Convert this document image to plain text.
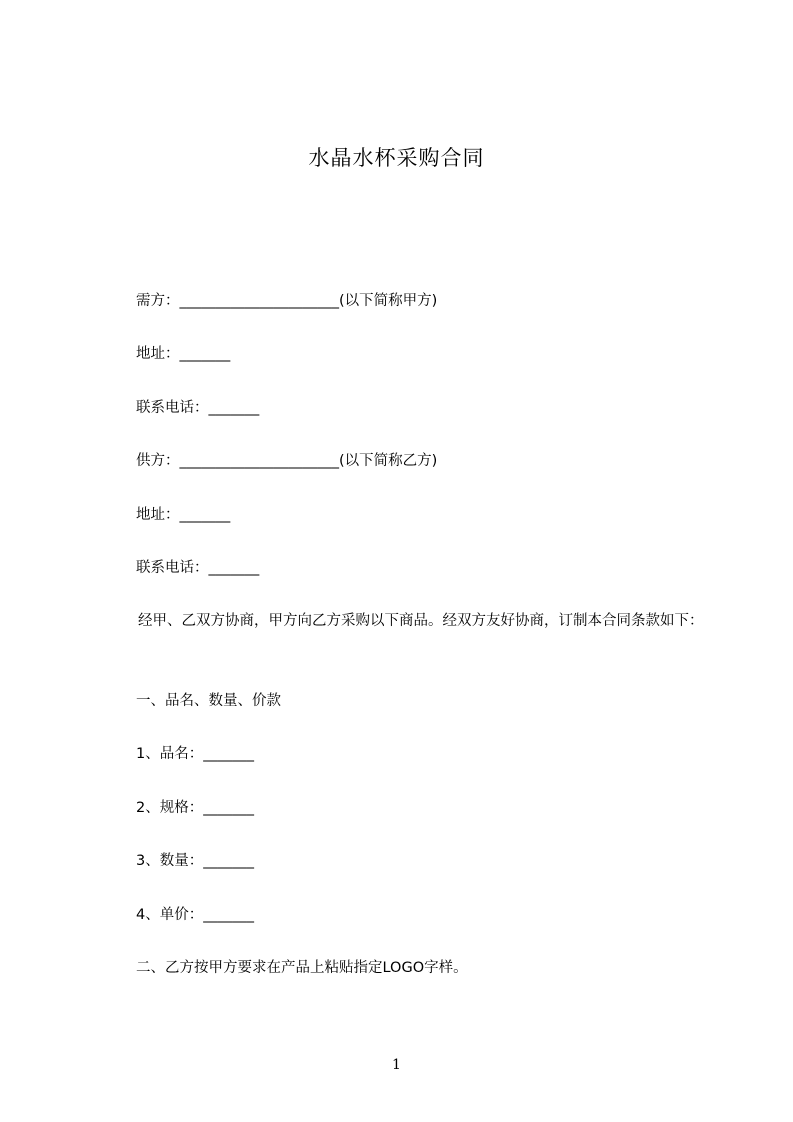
水晶水杯采购合同
需方：______________________(以下简称甲方)
地址：_______
联系电话：_______
供方：______________________(以下简称乙方)
地址：_______
联系电话：_______
经甲、乙双方协商，甲方向乙方采购以下商品。经双方友好协商，订制本合同条款如下：
一、品名、数量、价款
1、品名：_______
2、规格：_______
3、数量：_______
4、单价：_______
二、乙方按甲方要求在产品上粘贴指定LOGO字样。
1
